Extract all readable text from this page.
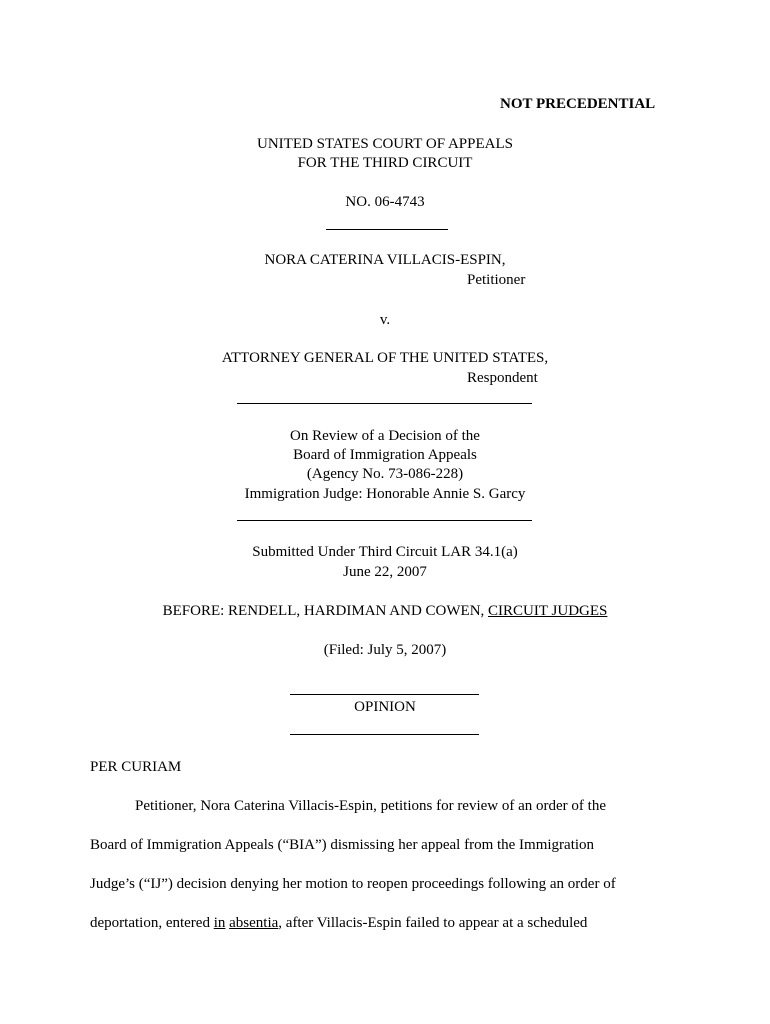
NOT PRECEDENTIAL
UNITED STATES COURT OF APPEALS
FOR THE THIRD CIRCUIT
NO. 06-4743
NORA CATERINA VILLACIS-ESPIN,
Petitioner
v.
ATTORNEY GENERAL OF THE UNITED STATES,
Respondent
On Review of a Decision of the
Board of Immigration Appeals
(Agency No. 73-086-228)
Immigration Judge: Honorable Annie S. Garcy
Submitted Under Third Circuit LAR 34.1(a)
June 22, 2007
BEFORE: RENDELL, HARDIMAN AND COWEN, CIRCUIT JUDGES
(Filed: July 5, 2007)
OPINION
PER CURIAM
Petitioner, Nora Caterina Villacis-Espin, petitions for review of an order of the
Board of Immigration Appeals (“BIA”) dismissing her appeal from the Immigration
Judge’s (“IJ”) decision denying her motion to reopen proceedings following an order of
deportation, entered in absentia, after Villacis-Espin failed to appear at a scheduled
